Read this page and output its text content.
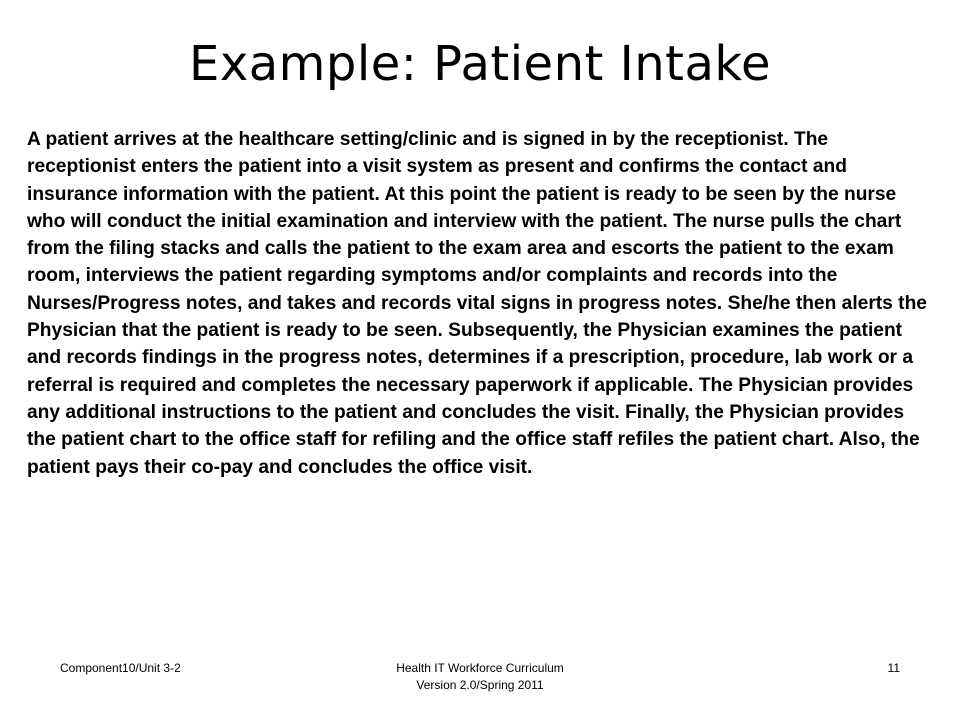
Example: Patient Intake

A patient arrives at the healthcare setting/clinic and is signed in by the receptionist. The receptionist enters the patient into a visit system as present and confirms the contact and insurance information with the patient. At this point the patient is ready to be seen by the nurse who will conduct the initial examination and interview with the patient. The nurse pulls the chart from the filing stacks and calls the patient to the exam area and escorts the patient to the exam room, interviews the patient regarding symptoms and/or complaints and records into the Nurses/Progress notes, and takes and records vital signs in progress notes. She/he then alerts the Physician that the patient is ready to be seen. Subsequently, the Physician examines the patient and records findings in the progress notes, determines if a prescription, procedure, lab work or a referral is required and completes the necessary paperwork if applicable. The Physician provides any additional instructions to the patient and concludes the visit. Finally, the Physician provides the patient chart to the office staff for refiling and the office staff refiles the patient chart. Also, the patient pays their co-pay and concludes the office visit.

Component10/Unit 3-2	Health IT Workforce Curriculum
Version 2.0/Spring 2011
11
